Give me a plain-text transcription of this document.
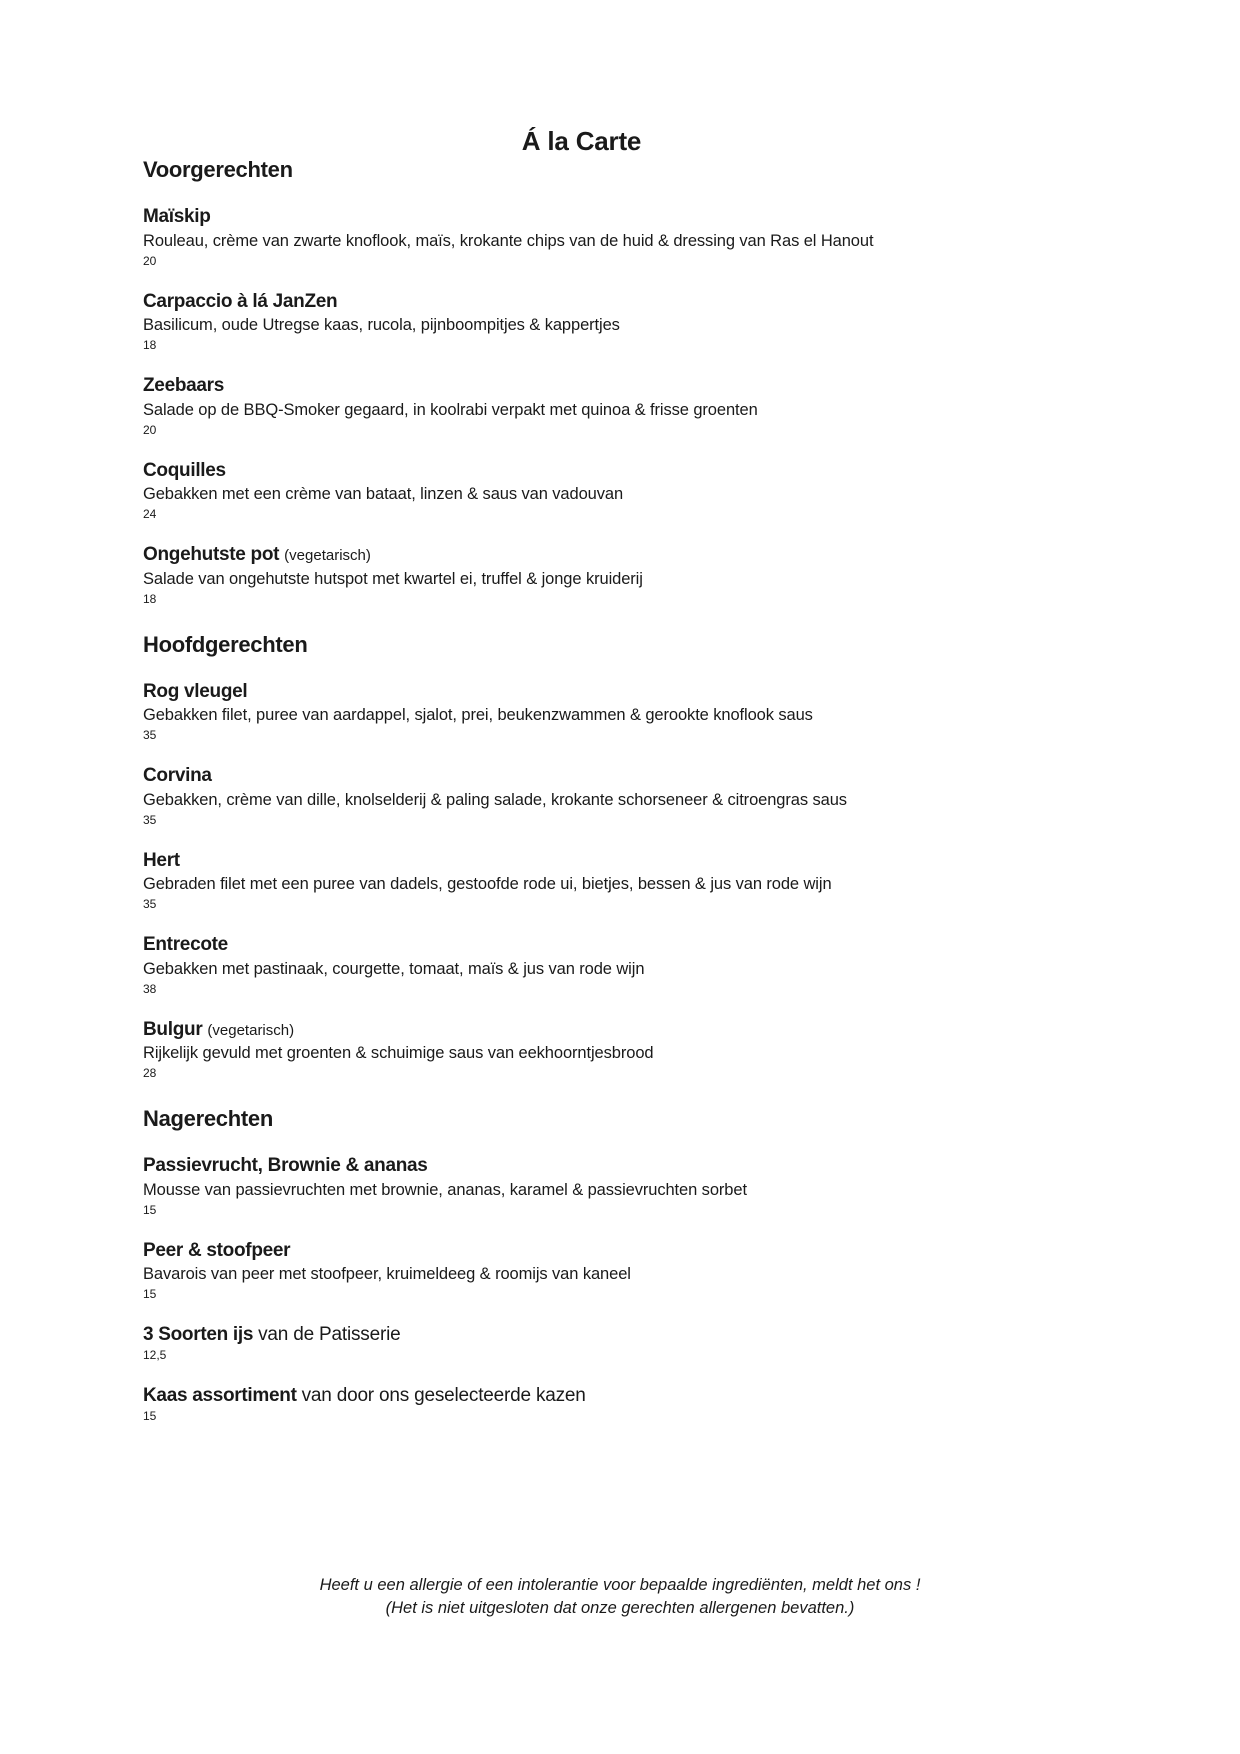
Á la Carte
Voorgerechten
Maïskip
Rouleau, crème van zwarte knoflook, maïs, krokante chips van de huid & dressing van Ras el Hanout
20
Carpaccio à lá JanZen
Basilicum, oude Utregse kaas, rucola, pijnboompitjes & kappertjes
18
Zeebaars
Salade op de BBQ-Smoker gegaard, in koolrabi verpakt met quinoa & frisse groenten
20
Coquilles
Gebakken met een crème van bataat, linzen & saus van vadouvan
24
Ongehutste pot (vegetarisch)
Salade van ongehutste hutspot met kwartel ei, truffel & jonge kruiderij
18
Hoofdgerechten
Rog vleugel
Gebakken filet, puree van aardappel, sjalot, prei, beukenzwammen & gerookte knoflook saus
35
Corvina
Gebakken, crème van dille, knolselderij & paling salade, krokante schorseneer & citroengras saus
35
Hert
Gebraden filet met een puree van dadels, gestoofde rode ui, bietjes, bessen & jus van rode wijn
35
Entrecote
Gebakken met pastinaak, courgette, tomaat, maïs & jus van rode wijn
38
Bulgur (vegetarisch)
Rijkelijk gevuld met groenten & schuimige saus van eekhoorntjesbrood
28
Nagerechten
Passievrucht, Brownie & ananas
Mousse van passievruchten met brownie, ananas, karamel & passievruchten sorbet
15
Peer & stoofpeer
Bavarois van peer met stoofpeer, kruimeldeeg & roomijs van kaneel
15
3 Soorten ijs van de Patisserie
12,5
Kaas assortiment van door ons geselecteerde kazen
15
Heeft u een allergie of een intolerantie voor bepaalde ingrediënten, meldt het ons !
(Het is niet uitgesloten dat onze gerechten allergenen bevatten.)
